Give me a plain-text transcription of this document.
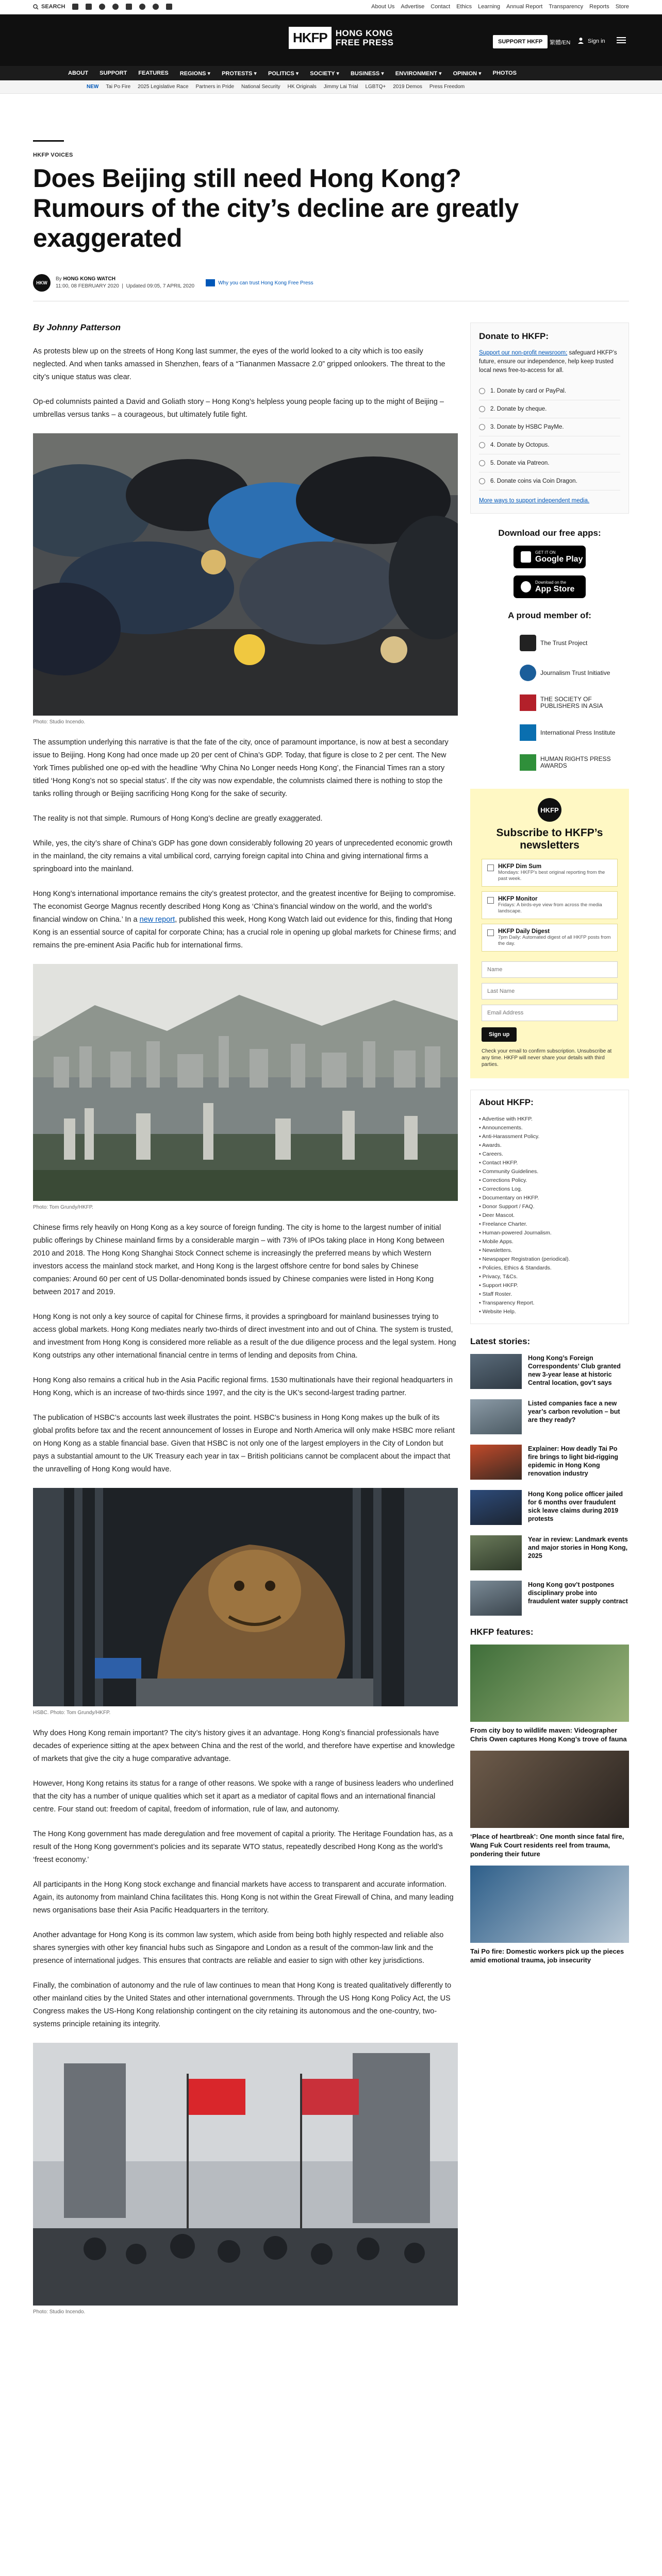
SEARCH	About Us Advertise Contact Ethics Learning Annual Report Transparency Reports Store
HKFP HONG KONG
FREE PRESS	SUPPORT HKFP	繁體/EN	Sign in
ABOUT SUPPORT FEATURES REGIONS ▾ PROTESTS ▾ POLITICS ▾ SOCIETY ▾ BUSINESS ▾ ENVIRONMENT ▾ OPINION ▾ PHOTOS
NEW Tai Po Fire 2025 Legislative Race Partners in Pride National Security HK Originals Jimmy Lai Trial LGBTQ+ 2019 Demos Press Freedom
HKFP VOICES
Does Beijing still need Hong Kong? Rumours of the city’s decline are greatly exaggerated
HKW
By HONG KONG WATCH
11:00, 08 FEBRUARY 2020  |  Updated 09:05, 7 APRIL 2020
Why you can trust Hong Kong Free Press
By Johnny Patterson

As protests blew up on the streets of Hong Kong last summer, the eyes of the world looked to a city which is too easily neglected. And when tanks amassed in Shenzhen, fears of a “Tiananmen Massacre 2.0” gripped onlookers. The threat to the city’s unique status was clear.

Op-ed columnists painted a David and Goliath story – Hong Kong’s helpless young people facing up to the might of Beijing – umbrellas versus tanks – a courageous, but ultimately futile fight.

Photo: Studio Incendo.

The assumption underlying this narrative is that the fate of the city, once of paramount importance, is now at best a secondary issue to Beijing. Hong Kong had once made up 20 per cent of China’s GDP. Today, that figure is close to 2 per cent. The New York Times published one op-ed with the headline ‘Why China No Longer needs Hong Kong’, the Financial Times ran a story titled ‘Hong Kong’s not so special status’. If the city was now expendable, the columnists claimed there is nothing to stop the tanks rolling through or Beijing sacrificing Hong Kong for the sake of security.

The reality is not that simple. Rumours of Hong Kong’s decline are greatly exaggerated.

While, yes, the city’s share of China’s GDP has gone down considerably following 20 years of unprecedented economic growth in the mainland, the city remains a vital umbilical cord, carrying foreign capital into China and giving international firms a springboard into the mainland.

Hong Kong’s international importance remains the city’s greatest protector, and the greatest incentive for Beijing to compromise. The economist George Magnus recently described Hong Kong as ‘China’s financial window on the world, and the world’s financial window on China.’ In a new report, published this week, Hong Kong Watch laid out evidence for this, finding that Hong Kong is an essential source of capital for corporate China; has a crucial role in opening up global markets for Chinese firms; and remains the pre-eminent Asia Pacific hub for international firms.

Photo: Tom Grundy/HKFP.

Chinese firms rely heavily on Hong Kong as a key source of foreign funding. The city is home to the largest number of initial public offerings by Chinese mainland firms by a considerable margin – with 73% of IPOs taking place in Hong Kong between 2010 and 2018. The Hong Kong Shanghai Stock Connect scheme is increasingly the preferred means by which Western investors access the mainland stock market, and Hong Kong is the largest offshore centre for bond sales by Chinese companies: Around 60 per cent of US Dollar-denominated bonds issued by Chinese companies were listed in Hong Kong between 2017 and 2019.

Hong Kong is not only a key source of capital for Chinese firms, it provides a springboard for mainland businesses trying to access global markets. Hong Kong mediates nearly two-thirds of direct investment into and out of China. The system is trusted, and investment from Hong Kong is considered more reliable as a result of the due diligence process and the legal system. Hong Kong outstrips any other international financial centre in terms of lending and deposits from China.

Hong Kong also remains a critical hub in the Asia Pacific regional firms. 1530 multinationals have their regional headquarters in Hong Kong, which is an increase of two-thirds since 1997, and the city is the UK’s second-largest trading partner.

The publication of HSBC’s accounts last week illustrates the point. HSBC’s business in Hong Kong makes up the bulk of its global profits before tax and the recent announcement of losses in Europe and North America will only make HSBC more reliant on Hong Kong as a stable financial base. Given that HSBC is not only one of the largest employers in the City of London but pays a substantial amount to the UK Treasury each year in tax – British politicians cannot be complacent about the impact that the unravelling of Hong Kong would have.

HSBC. Photo: Tom Grundy/HKFP.

Why does Hong Kong remain important? The city’s history gives it an advantage. Hong Kong’s financial professionals have decades of experience sitting at the apex between China and the rest of the world, and therefore have expertise and knowledge of markets that give the city a huge comparative advantage.

However, Hong Kong retains its status for a range of other reasons. We spoke with a range of business leaders who underlined that the city has a number of unique qualities which set it apart as a mediator of capital flows and an international financial centre. Four stand out: freedom of capital, freedom of information, rule of law, and autonomy.

The Hong Kong government has made deregulation and free movement of capital a priority. The Heritage Foundation has, as a result of the Hong Kong government’s policies and its separate WTO status, repeatedly described Hong Kong as the world’s ‘freest economy.’

All participants in the Hong Kong stock exchange and financial markets have access to transparent and accurate information. Again, its autonomy from mainland China facilitates this. Hong Kong is not within the Great Firewall of China, and many leading news organisations base their Asia Pacific Headquarters in the territory.

Another advantage for Hong Kong is its common law system, which aside from being both highly respected and reliable also shares synergies with other key financial hubs such as Singapore and London as a result of the common-law link and the presence of international judges. This ensures that contracts are reliable and easier to sign with other key jurisdictions.

Finally, the combination of autonomy and the rule of law continues to mean that Hong Kong is treated qualitatively differently to other mainland cities by the United States and other international governments. Through the US Hong Kong Policy Act, the US Congress makes the US-Hong Kong relationship contingent on the city retaining its autonomous and the one-country, two-systems principle retaining its integrity.

Photo: Studio Incendo.
Donate to HKFP:

Support our non-profit newsroom; safeguard HKFP’s future, ensure our independence, help keep trusted local news free-to-access for all.

1. Donate by card or PayPal.
2. Donate by cheque.
3. Donate by HSBC PayMe.
4. Donate by Octopus.
5. Donate via Patreon.
6. Donate coins via Coin Dragon.
More ways to support independent media.
Download our free apps:
GET IT ON
Google Play
Download on the
App Store
A proud member of:
The Trust Project
Journalism Trust Initiative
THE SOCIETY OF PUBLISHERS IN ASIA
International Press Institute
HUMAN RIGHTS PRESS AWARDS
HKFP
Subscribe to HKFP’s newsletters
HKFP Dim Sum
Mondays: HKFP’s best original reporting from the past week.
HKFP Monitor
Fridays: A birds-eye view from across the media landscape.
HKFP Daily Digest
7pm Daily: Automated digest of all HKFP posts from the day.
Name Last Name Email Address
Sign up
Check your email to confirm subscription. Unsubscribe at any time. HKFP will never share your details with third parties.
About HKFP:
• Advertise with HKFP.
• Announcements.
• Anti-Harassment Policy.
• Awards.
• Careers.
• Contact HKFP.
• Community Guidelines.
• Corrections Policy.
• Corrections Log.
• Documentary on HKFP.
• Donor Support / FAQ.
• Deer Mascot.
• Freelance Charter.
• Human-powered Journalism.
• Mobile Apps.
• Newsletters.
• Newspaper Registration (periodical).
• Policies, Ethics & Standards.
• Privacy, T&Cs.
• Support HKFP.
• Staff Roster.
• Transparency Report.
• Website Help.
Latest stories:
Hong Kong’s Foreign Correspondents’ Club granted new 3-year lease at historic Central location, gov’t says
Listed companies face a new year’s carbon revolution – but are they ready?
Explainer: How deadly Tai Po fire brings to light bid-rigging epidemic in Hong Kong renovation industry
Hong Kong police officer jailed for 6 months over fraudulent sick leave claims during 2019 protests
Year in review: Landmark events and major stories in Hong Kong, 2025
Hong Kong gov’t postpones disciplinary probe into fraudulent water supply contract
HKFP features:
From city boy to wildlife maven: Videographer Chris Owen captures Hong Kong’s trove of fauna
‘Place of heartbreak’: One month since fatal fire, Wang Fuk Court residents reel from trauma, pondering their future
Tai Po fire: Domestic workers pick up the pieces amid emotional trauma, job insecurity
